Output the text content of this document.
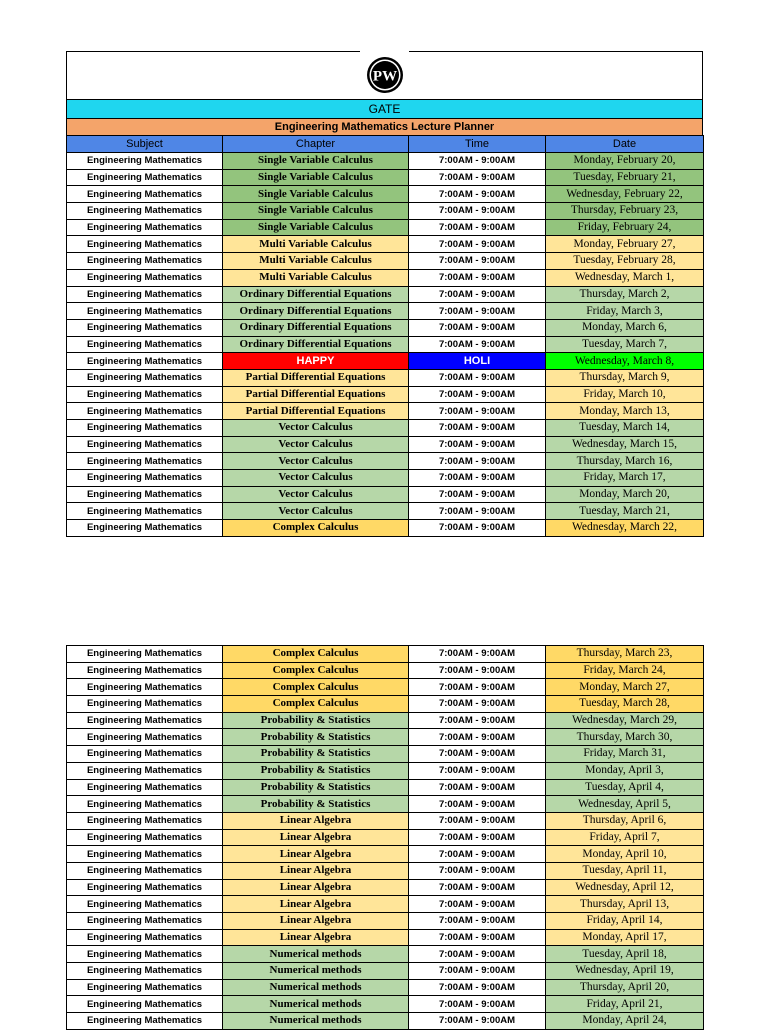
PW
GATE
Engineering Mathematics Lecture Planner
Subject	Chapter	Time	Date
Engineering Mathematics	Single Variable Calculus	7:00AM - 9:00AM	Monday, February 20,
Engineering Mathematics	Single Variable Calculus	7:00AM - 9:00AM	Tuesday, February 21,
Engineering Mathematics	Single Variable Calculus	7:00AM - 9:00AM	Wednesday, February 22,
Engineering Mathematics	Single Variable Calculus	7:00AM - 9:00AM	Thursday, February 23,
Engineering Mathematics	Single Variable Calculus	7:00AM - 9:00AM	Friday, February 24,
Engineering Mathematics	Multi Variable Calculus	7:00AM - 9:00AM	Monday, February 27,
Engineering Mathematics	Multi Variable Calculus	7:00AM - 9:00AM	Tuesday, February 28,
Engineering Mathematics	Multi Variable Calculus	7:00AM - 9:00AM	Wednesday, March 1,
Engineering Mathematics	Ordinary Differential Equations	7:00AM - 9:00AM	Thursday, March 2,
Engineering Mathematics	Ordinary Differential Equations	7:00AM - 9:00AM	Friday, March 3,
Engineering Mathematics	Ordinary Differential Equations	7:00AM - 9:00AM	Monday, March 6,
Engineering Mathematics	Ordinary Differential Equations	7:00AM - 9:00AM	Tuesday, March 7,
Engineering Mathematics	HAPPY	HOLI	Wednesday, March 8,
Engineering Mathematics	Partial Differential Equations	7:00AM - 9:00AM	Thursday, March 9,
Engineering Mathematics	Partial Differential Equations	7:00AM - 9:00AM	Friday, March 10,
Engineering Mathematics	Partial Differential Equations	7:00AM - 9:00AM	Monday, March 13,
Engineering Mathematics	Vector Calculus	7:00AM - 9:00AM	Tuesday, March 14,
Engineering Mathematics	Vector Calculus	7:00AM - 9:00AM	Wednesday, March 15,
Engineering Mathematics	Vector Calculus	7:00AM - 9:00AM	Thursday, March 16,
Engineering Mathematics	Vector Calculus	7:00AM - 9:00AM	Friday, March 17,
Engineering Mathematics	Vector Calculus	7:00AM - 9:00AM	Monday, March 20,
Engineering Mathematics	Vector Calculus	7:00AM - 9:00AM	Tuesday, March 21,
Engineering Mathematics	Complex Calculus	7:00AM - 9:00AM	Wednesday, March 22,
Engineering Mathematics	Complex Calculus	7:00AM - 9:00AM	Thursday, March 23,
Engineering Mathematics	Complex Calculus	7:00AM - 9:00AM	Friday, March 24,
Engineering Mathematics	Complex Calculus	7:00AM - 9:00AM	Monday, March 27,
Engineering Mathematics	Complex Calculus	7:00AM - 9:00AM	Tuesday, March 28,
Engineering Mathematics	Probability & Statistics	7:00AM - 9:00AM	Wednesday, March 29,
Engineering Mathematics	Probability & Statistics	7:00AM - 9:00AM	Thursday, March 30,
Engineering Mathematics	Probability & Statistics	7:00AM - 9:00AM	Friday, March 31,
Engineering Mathematics	Probability & Statistics	7:00AM - 9:00AM	Monday, April 3,
Engineering Mathematics	Probability & Statistics	7:00AM - 9:00AM	Tuesday, April 4,
Engineering Mathematics	Probability & Statistics	7:00AM - 9:00AM	Wednesday, April 5,
Engineering Mathematics	Linear Algebra	7:00AM - 9:00AM	Thursday, April 6,
Engineering Mathematics	Linear Algebra	7:00AM - 9:00AM	Friday, April 7,
Engineering Mathematics	Linear Algebra	7:00AM - 9:00AM	Monday, April 10,
Engineering Mathematics	Linear Algebra	7:00AM - 9:00AM	Tuesday, April 11,
Engineering Mathematics	Linear Algebra	7:00AM - 9:00AM	Wednesday, April 12,
Engineering Mathematics	Linear Algebra	7:00AM - 9:00AM	Thursday, April 13,
Engineering Mathematics	Linear Algebra	7:00AM - 9:00AM	Friday, April 14,
Engineering Mathematics	Linear Algebra	7:00AM - 9:00AM	Monday, April 17,
Engineering Mathematics	Numerical methods	7:00AM - 9:00AM	Tuesday, April 18,
Engineering Mathematics	Numerical methods	7:00AM - 9:00AM	Wednesday, April 19,
Engineering Mathematics	Numerical methods	7:00AM - 9:00AM	Thursday, April 20,
Engineering Mathematics	Numerical methods	7:00AM - 9:00AM	Friday, April 21,
Engineering Mathematics	Numerical methods	7:00AM - 9:00AM	Monday, April 24,
